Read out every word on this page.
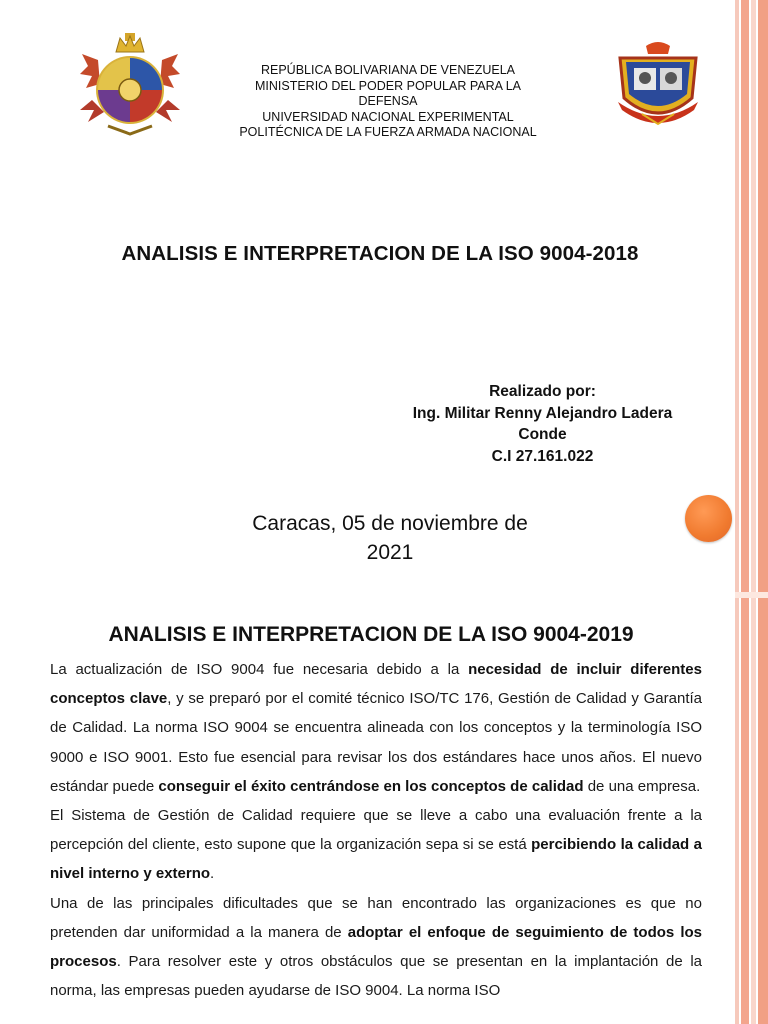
REPÚBLICA BOLIVARIANA DE VENEZUELA
MINISTERIO DEL PODER POPULAR PARA LA
DEFENSA
UNIVERSIDAD NACIONAL EXPERIMENTAL
POLITÉCNICA DE LA FUERZA ARMADA NACIONAL
ANALISIS E INTERPRETACION DE LA ISO 9004-2018
Realizado por:
Ing. Militar Renny Alejandro Ladera
Conde
C.I 27.161.022
Caracas, 05 de noviembre de
2021
ANALISIS E INTERPRETACION DE LA ISO 9004-2019

La actualización de ISO 9004 fue necesaria debido a la necesidad de incluir diferentes conceptos clave, y se preparó por el comité técnico ISO/TC 176, Gestión de Calidad y Garantía de Calidad. La norma ISO 9004 se encuentra alineada con los conceptos y la terminología ISO 9000 e ISO 9001. Esto fue esencial para revisar los dos estándares hace unos años. El nuevo estándar puede conseguir el éxito centrándose en los conceptos de calidad de una empresa.

El Sistema de Gestión de Calidad requiere que se lleve a cabo una evaluación frente a la percepción del cliente, esto supone que la organización sepa si se está percibiendo la calidad a nivel interno y externo.

Una de las principales dificultades que se han encontrado las organizaciones es que no pretenden dar uniformidad a la manera de adoptar el enfoque de seguimiento de todos los procesos. Para resolver este y otros obstáculos que se presentan en la implantación de la norma, las empresas pueden ayudarse de ISO 9004. La norma ISO
